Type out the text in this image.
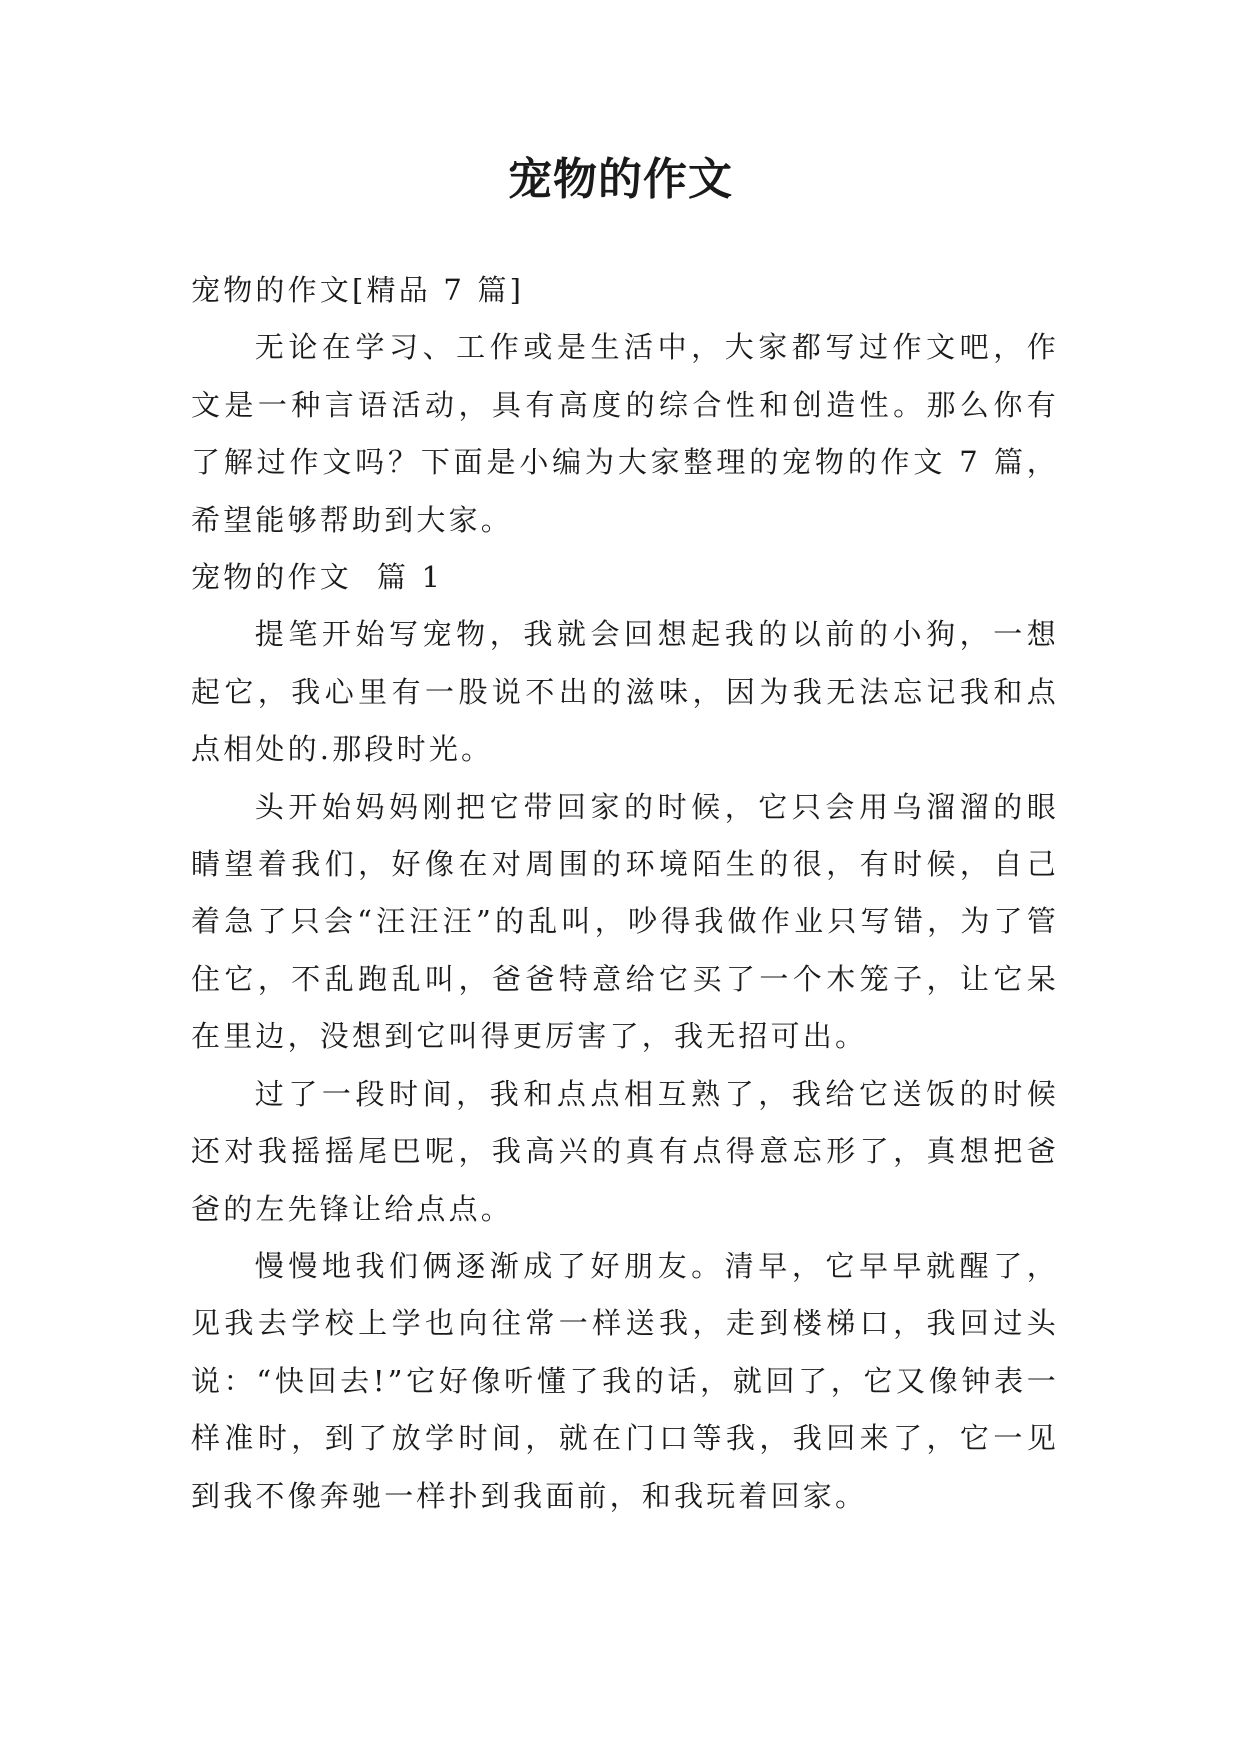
宠物的作文

宠物的作文[精品 7 篇]

无论在学习、工作或是生活中，大家都写过作文吧，作文是一种言语活动，具有高度的综合性和创造性。那么你有了解过作文吗？下面是小编为大家整理的宠物的作文 7 篇，希望能够帮助到大家。

宠物的作文  篇 1

提笔开始写宠物，我就会回想起我的以前的小狗，一想起它，我心里有一股说不出的滋味，因为我无法忘记我和点点相处的.那段时光。

头开始妈妈刚把它带回家的时候，它只会用乌溜溜的眼睛望着我们，好像在对周围的环境陌生的很，有时候，自己着急了只会“汪汪汪”的乱叫，吵得我做作业只写错，为了管住它，不乱跑乱叫，爸爸特意给它买了一个木笼子，让它呆在里边，没想到它叫得更厉害了，我无招可出。

过了一段时间，我和点点相互熟了，我给它送饭的时候还对我摇摇尾巴呢，我高兴的真有点得意忘形了，真想把爸爸的左先锋让给点点。

慢慢地我们俩逐渐成了好朋友。清早，它早早就醒了，见我去学校上学也向往常一样送我，走到楼梯口，我回过头说：“快回去!”它好像听懂了我的话，就回了，它又像钟表一样准时，到了放学时间，就在门口等我，我回来了，它一见到我不像奔驰一样扑到我面前，和我玩着回家。
